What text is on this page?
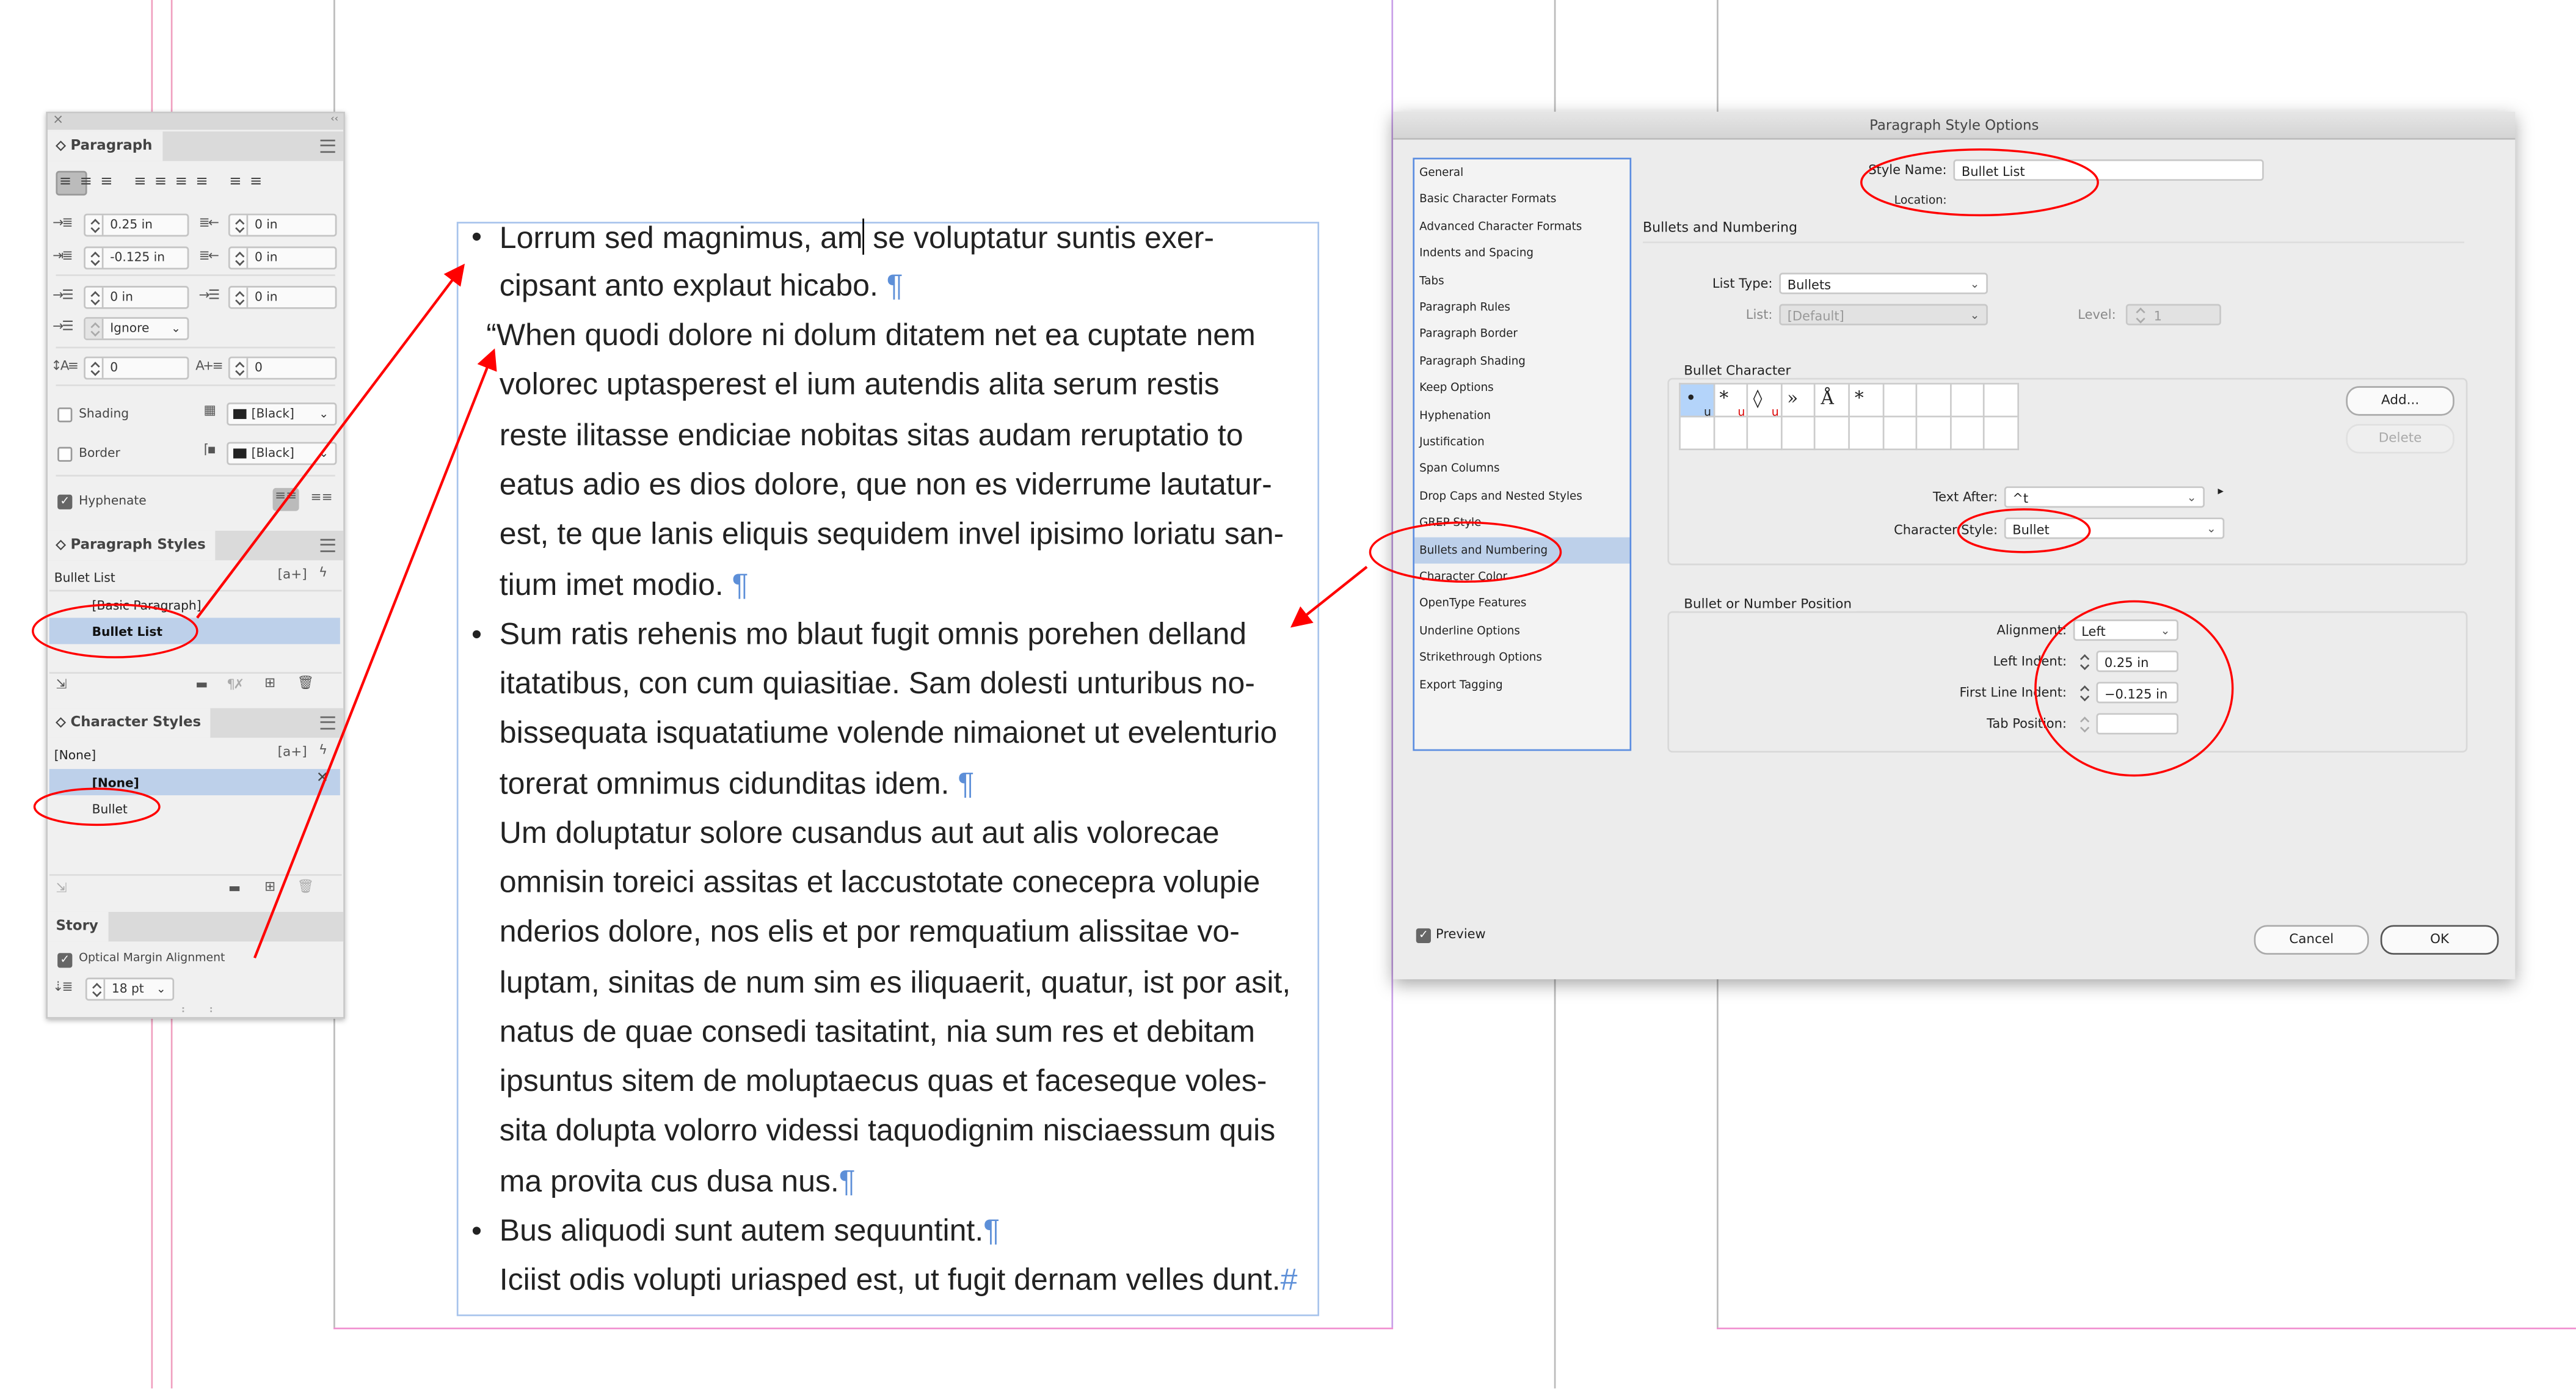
×	‹‹
⬦ Paragraph
≡≡≡ ≡≡≡≡ ≡≡
→≣	0.25 in	≣←	0 in
⇥≣	-0.125 in	≣←	0 in
→☰	0 in	→☰	0 in
→☰	Ignore	⌄
↕A≡	0	A+≡	0
Shading	▦	[Black]	⌄
Border	⌈▪	[Black]	⌄
✓	Hyphenate	≡≡	≡≡
⬦ Paragraph Styles
Bullet List	[a+] ϟ
[Basic Paragraph]
Bullet List
⇲	▬	¶✗	⊞	🗑
⬦ Character Styles
[None]	[a+] ϟ
[None]	✕
Bullet
⇲	▬	⊞	🗑
Story
✓	Optical Margin Alignment
⇣≣	18 pt	⌄
• Lorrum sed magnimus, am se voluptatur suntis exer-
cipsant anto explaut hicabo. ¶
“When quodi dolore ni dolum ditatem net ea cuptate nem
volorec uptasperest el ium autendis alita serum restis
reste ilitasse endiciae nobitas sitas audam reruptatio to
eatus adio es dios dolore, que non es viderrume lautatur-
est, te que lanis eliquis sequidem invel ipisimo loriatu san-
tium imet modio. ¶
• Sum ratis rehenis mo blaut fugit omnis porehen delland
itatatibus, con cum quiasitiae. Sam dolesti unturibus no-
bissequata isquatatiume volende nimaionet ut evelenturio
torerat omnimus cidunditas idem. ¶
Um doluptatur solore cusandus aut aut alis volorecae
omnisin toreici assitas et laccustotate conecepra volupie
nderios dolore, nos elis et por remquatium alissitae vo-
luptam, sinitas de num sim es iliquaerit, quatur, ist por asit,
natus de quae consedi tasitatint, nia sum res et debitam
ipsuntus sitem de moluptaecus quas et faceseque voles-
sita dolupta volorro videssi taquodignim nisciaessum quis
ma provita cus dusa nus.¶
• Bus aliquodi sunt autem sequuntint.¶
Iciist odis volupti uriasped est, ut fugit dernam velles dunt.#
Paragraph Style Options
General
Basic Character Formats
Advanced Character Formats
Indents and Spacing
Tabs
Paragraph Rules
Paragraph Border
Paragraph Shading
Keep Options
Hyphenation
Justification
Span Columns
Drop Caps and Nested Styles
GREP Style
Bullets and Numbering
Character Color
OpenType Features
Underline Options
Strikethrough Options
Export Tagging
Style Name:	Bullet List
Location:
Bullets and Numbering
List Type:	Bullets	⌄
List:	[Default]	⌄	Level:	1
Bullet Character
•
u
*
u
◊
u
»	Å	*	Add...
Delete
Text After:	^t	⌄	▸
Character Style:	Bullet	⌄
Bullet or Number Position
Alignment:	Left	⌄
Left Indent:	0.25 in
First Line Indent:	−0.125 in
Tab Position:
✓	Preview	Cancel	OK
